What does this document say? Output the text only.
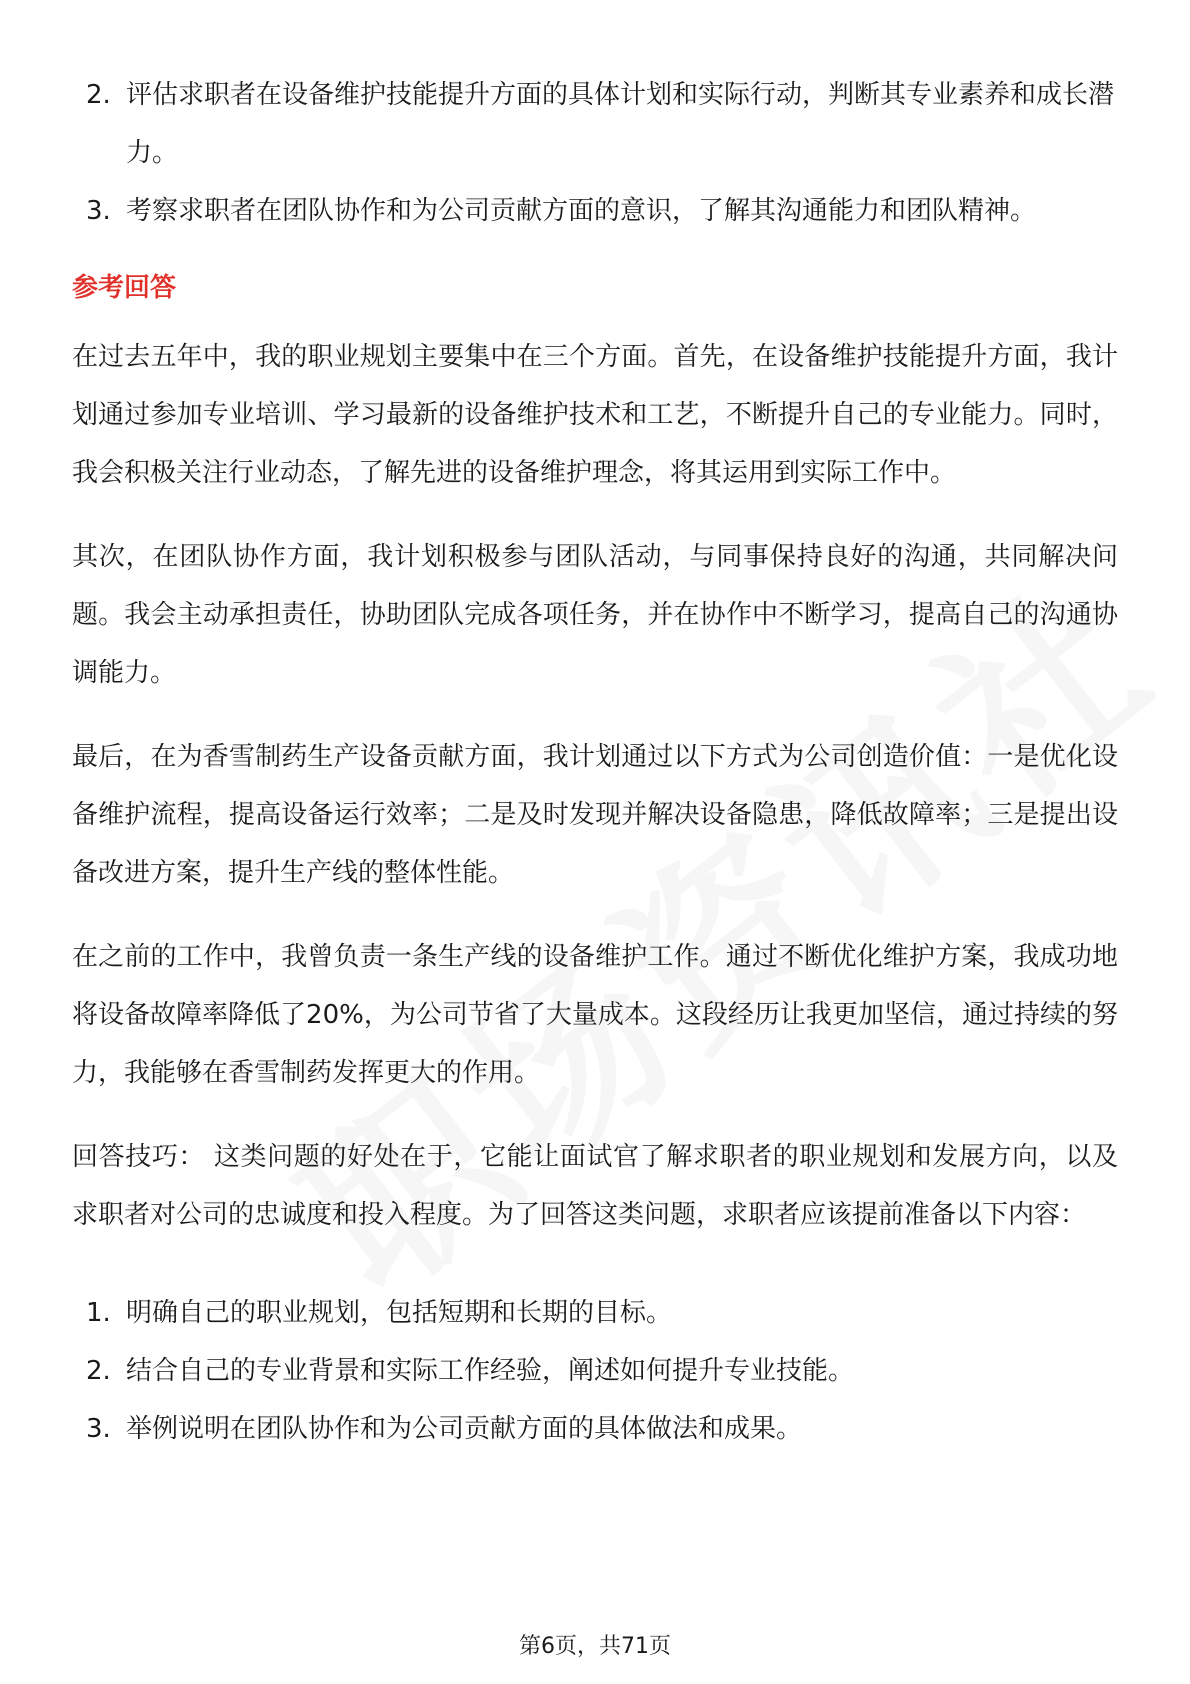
2. 评估求职者在设备维护技能提升方面的具体计划和实际行动，判断其专业素养和成长潜力。
3. 考察求职者在团队协作和为公司贡献方面的意识，了解其沟通能力和团队精神。
参考回答

在过去五年中，我的职业规划主要集中在三个方面。首先，在设备维护技能提升方面，我计划通过参加专业培训、学习最新的设备维护技术和工艺，不断提升自己的专业能力。同时，我会积极关注行业动态，了解先进的设备维护理念，将其运用到实际工作中。

其次，在团队协作方面，我计划积极参与团队活动，与同事保持良好的沟通，共同解决问题。我会主动承担责任，协助团队完成各项任务，并在协作中不断学习，提高自己的沟通协调能力。

最后，在为香雪制药生产设备贡献方面，我计划通过以下方式为公司创造价值：一是优化设备维护流程，提高设备运行效率；二是及时发现并解决设备隐患，降低故障率；三是提出设备改进方案，提升生产线的整体性能。

在之前的工作中，我曾负责一条生产线的设备维护工作。通过不断优化维护方案，我成功地将设备故障率降低了20%，为公司节省了大量成本。这段经历让我更加坚信，通过持续的努力，我能够在香雪制药发挥更大的作用。

回答技巧： 这类问题的好处在于，它能让面试官了解求职者的职业规划和发展方向，以及求职者对公司的忠诚度和投入程度。为了回答这类问题，求职者应该提前准备以下内容：

1. 明确自己的职业规划，包括短期和长期的目标。
2. 结合自己的专业背景和实际工作经验，阐述如何提升专业技能。
3. 举例说明在团队协作和为公司贡献方面的具体做法和成果。
第6页，共71页
